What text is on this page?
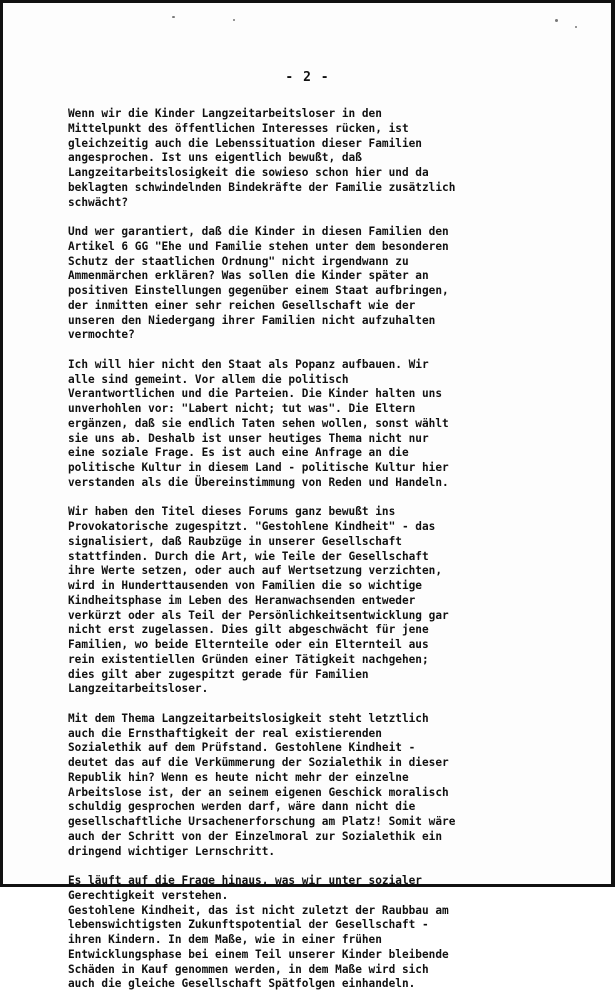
- 2 -
Wenn wir die Kinder Langzeitarbeitsloser in den
Mittelpunkt des öffentlichen Interesses rücken, ist
gleichzeitig auch die Lebenssituation dieser Familien
angesprochen. Ist uns eigentlich bewußt, daß
Langzeitarbeitslosigkeit die sowieso schon hier und da
beklagten schwindelnden Bindekräfte der Familie zusätzlich
schwächt?
Und wer garantiert, daß die Kinder in diesen Familien den
Artikel 6 GG "Ehe und Familie stehen unter dem besonderen
Schutz der staatlichen Ordnung" nicht irgendwann zu
Ammenmärchen erklären? Was sollen die Kinder später an
positiven Einstellungen gegenüber einem Staat aufbringen,
der inmitten einer sehr reichen Gesellschaft wie der
unseren den Niedergang ihrer Familien nicht aufzuhalten
vermochte?
Ich will hier nicht den Staat als Popanz aufbauen. Wir
alle sind gemeint. Vor allem die politisch
Verantwortlichen und die Parteien. Die Kinder halten uns
unverhohlen vor: "Labert nicht; tut was". Die Eltern
ergänzen, daß sie endlich Taten sehen wollen, sonst wählt
sie uns ab. Deshalb ist unser heutiges Thema nicht nur
eine soziale Frage. Es ist auch eine Anfrage an die
politische Kultur in diesem Land - politische Kultur hier
verstanden als die Übereinstimmung von Reden und Handeln.
Wir haben den Titel dieses Forums ganz bewußt ins
Provokatorische zugespitzt. "Gestohlene Kindheit" - das
signalisiert, daß Raubzüge in unserer Gesellschaft
stattfinden. Durch die Art, wie Teile der Gesellschaft
ihre Werte setzen, oder auch auf Wertsetzung verzichten,
wird in Hunderttausenden von Familien die so wichtige
Kindheitsphase im Leben des Heranwachsenden entweder
verkürzt oder als Teil der Persönlichkeitsentwicklung gar
nicht erst zugelassen. Dies gilt abgeschwächt für jene
Familien, wo beide Elternteile oder ein Elternteil aus
rein existentiellen Gründen einer Tätigkeit nachgehen;
dies gilt aber zugespitzt gerade für Familien
Langzeitarbeitsloser.
Mit dem Thema Langzeitarbeitslosigkeit steht letztlich
auch die Ernsthaftigkeit der real existierenden
Sozialethik auf dem Prüfstand. Gestohlene Kindheit -
deutet das auf die Verkümmerung der Sozialethik in dieser
Republik hin? Wenn es heute nicht mehr der einzelne
Arbeitslose ist, der an seinem eigenen Geschick moralisch
schuldig gesprochen werden darf, wäre dann nicht die
gesellschaftliche Ursachenerforschung am Platz! Somit wäre
auch der Schritt von der Einzelmoral zur Sozialethik ein
dringend wichtiger Lernschritt.
Es läuft auf die Frage hinaus, was wir unter sozialer
Gerechtigkeit verstehen.
Gestohlene Kindheit, das ist nicht zuletzt der Raubbau am
lebenswichtigsten Zukunftspotential der Gesellschaft -
ihren Kindern. In dem Maße, wie in einer frühen
Entwicklungsphase bei einem Teil unserer Kinder bleibende
Schäden in Kauf genommen werden, in dem Maße wird sich
auch die gleiche Gesellschaft Spätfolgen einhandeln.
